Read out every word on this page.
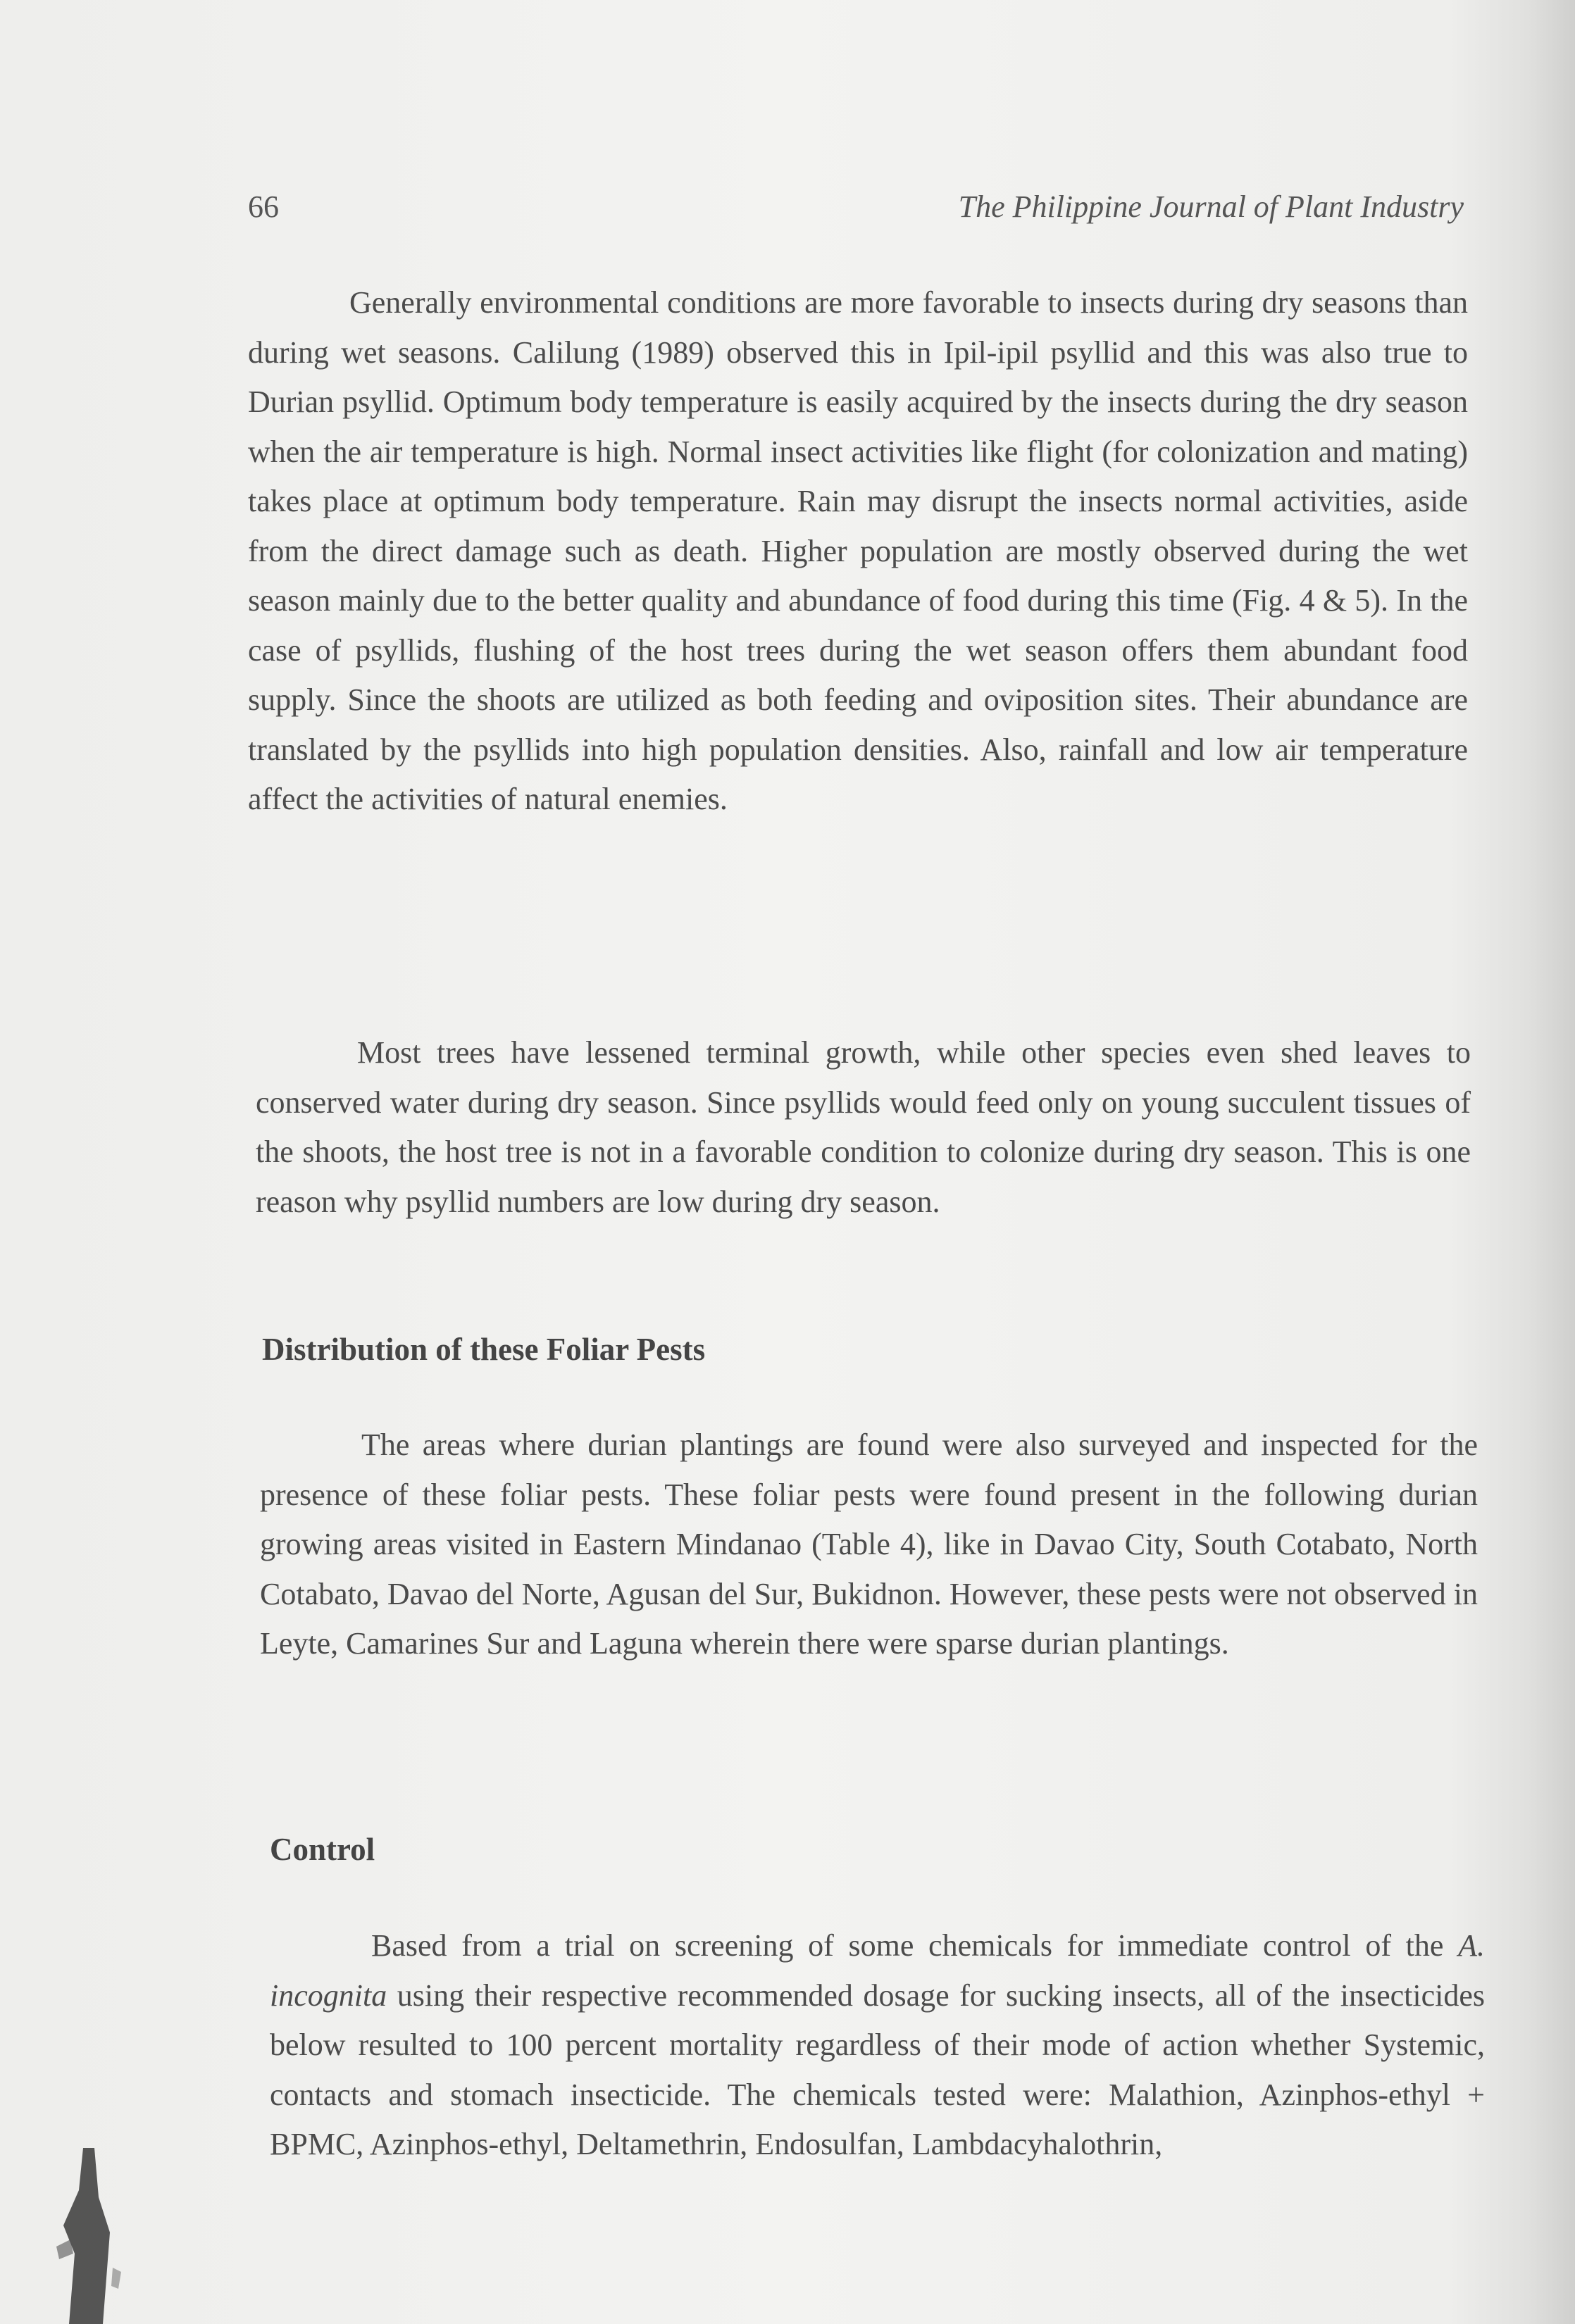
66	The Philippine Journal of Plant Industry

Generally environmental conditions are more favorable to insects during dry seasons than during wet seasons. Calilung (1989) observed this in Ipil-ipil psyllid and this was also true to Durian psyllid. Optimum body temperature is easily acquired by the insects during the dry season when the air temperature is high. Normal insect activities like flight (for colonization and mating) takes place at optimum body temperature. Rain may disrupt the insects normal activities, aside from the direct damage such as death. Higher population are mostly observed during the wet season mainly due to the better quality and abundance of food during this time (Fig. 4 & 5). In the case of psyllids, flushing of the host trees during the wet season offers them abundant food supply. Since the shoots are utilized as both feeding and oviposition sites. Their abundance are translated by the psyllids into high population densities. Also, rainfall and low air temperature affect the activities of natural enemies.

Most trees have lessened terminal growth, while other species even shed leaves to conserved water during dry season. Since psyllids would feed only on young succulent tissues of the shoots, the host tree is not in a favorable condition to colonize during dry season. This is one reason why psyllid numbers are low during dry season.

Distribution of these Foliar Pests

The areas where durian plantings are found were also surveyed and inspected for the presence of these foliar pests. These foliar pests were found present in the following durian growing areas visited in Eastern Mindanao (Table 4), like in Davao City, South Cotabato, North Cotabato, Davao del Norte, Agusan del Sur, Bukidnon. However, these pests were not observed in Leyte, Camarines Sur and Laguna wherein there were sparse durian plantings.

Control

Based from a trial on screening of some chemicals for immediate control of the A. incognita using their respective recommended dosage for sucking insects, all of the insecticides below resulted to 100 percent mortality regardless of their mode of action whether Systemic, contacts and stomach insecticide. The chemicals tested were: Malathion, Azinphos-ethyl + BPMC, Azinphos-ethyl, Deltamethrin, Endosulfan, Lambdacyhalothrin,
